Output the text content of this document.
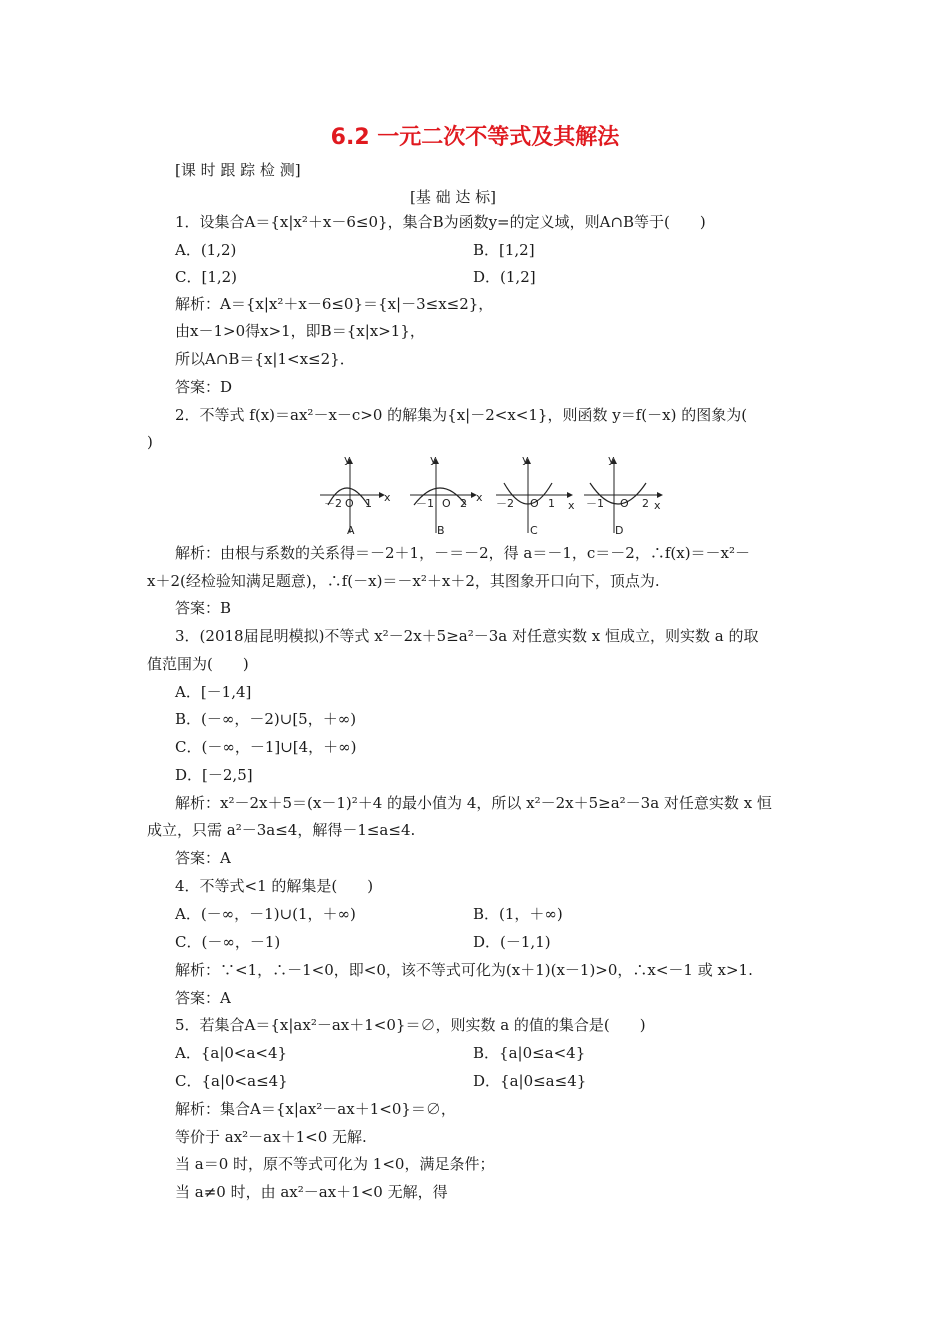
6.2 一元二次不等式及其解法
[课 时 跟 踪 检 测]
[基 础 达 标]
1．设集合A＝{x|x²＋x－6≤0}，集合B为函数y=的定义域，则A∩B等于(　　)
A．(1,2)	B．[1,2]
C．[1,2)	D．(1,2]
解析：A＝{x|x²＋x－6≤0}＝{x|－3≤x≤2}，
由x－1>0得x>1，即B＝{x|x>1}，
所以A∩B＝{x|1<x≤2}．
答案：D
2．不等式 f(x)＝ax²－x－c>0 的解集为{x|－2<x<1}，则函数 y＝f(－x) 的图象为(
)
y
x
－2 O 1
A
y
x
－1 O 2
B
y
x
－2 O 1
C
y
x
－1 O 2
D
解析：由根与系数的关系得＝－2＋1，－＝－2，得 a＝－1，c＝－2，∴f(x)＝－x²－
x＋2(经检验知满足题意)，∴f(－x)＝－x²＋x＋2，其图象开口向下，顶点为.
答案：B
3．(2018届昆明模拟)不等式 x²－2x＋5≥a²－3a 对任意实数 x 恒成立，则实数 a 的取
值范围为(　　)
A．[－1,4]
B．(－∞，－2)∪[5，＋∞)
C．(－∞，－1]∪[4，＋∞)
D．[－2,5]
解析：x²－2x＋5＝(x－1)²＋4 的最小值为 4，所以 x²－2x＋5≥a²－3a 对任意实数 x 恒
成立，只需 a²－3a≤4，解得－1≤a≤4.
答案：A
4．不等式<1 的解集是(　　)
A．(－∞，－1)∪(1，＋∞)	B．(1，＋∞)
C．(－∞，－1)	D．(－1,1)
解析：∵<1，∴－1<0，即<0，该不等式可化为(x＋1)(x－1)>0，∴x<－1 或 x>1.
答案：A
5．若集合A＝{x|ax²－ax＋1<0}＝∅，则实数 a 的值的集合是(　　)
A．{a|0<a<4}	B．{a|0≤a<4}
C．{a|0<a≤4}	D．{a|0≤a≤4}
解析：集合A＝{x|ax²－ax＋1<0}＝∅，
等价于 ax²－ax＋1<0 无解.
当 a＝0 时，原不等式可化为 1<0，满足条件；
当 a≠0 时，由 ax²－ax＋1<0 无解，得
